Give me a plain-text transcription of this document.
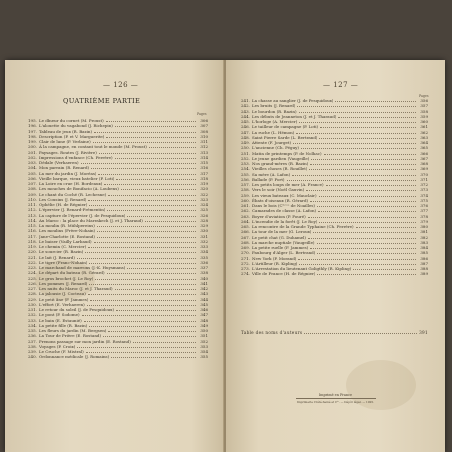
— 126 —
QUATRIÈME PARTIE
Pages
195. Le dîneur du cornet (M. Proust)	306
196. L'alouette du vagabond (J. Richepin)	307
197. Tableau de jeux (R. Bazin)	308
198. Description (P. et V. Marguerite)	310
199. Clair de lune (P. Verlaine)	311
200. À la campagne, en contant tout le monde (M. Proust)	312
201. Paysages. Routes (J. Rivière)	313
202. Impressions d'enfance (Ch. Ferrère)	314
203. Dédale (Verhaeren)	315
204. Mon parrain (R. Renard)	316
205. La mer du jardin (J. Moréas)	317
206. Vieille barque, vieux batelier (P. Loti)	318
207. La Loire en crue (H. Bordeaux)	319
208. Les mouches de Bonifacio (A. Loubens)	320
209. Le chant du Coché (R. Lechesne)	322
210. Les Cousins (J. Renard)	323
211. Ophélie (H. de Régnier)	324
212. L'épervier (J. Renard-Frémentin)	325
213. La capture de l'épervier (J. de Pesquidoux)	326
214. Au Maroc : la place du Marrakech (J. et J. Tharaud)	328
215. La moulin (R. Mühlpereins)	329
216. Les moulins (Frère-Nohain)	330
217. Jane-Charlotte (E. Rostand)	331
218. Le baiser (Vailly Larbaud)	332
219. Le chemin (C. Mercier)	333
220. Le sourcier (R. Bazin)	334
221. Le lait (J. Renard)	335
222. Le tigre (Franc-Nohain)	336
223. Le marchand de marrons (J.-K. Huysmans)	337
224. Le départ du bateau (R. Gérard)	338
225. Le gros brochet (J. Le Roy)	340
226. Les pommes (J. Renard)	341
227. Les nuits du Maroc (J. et J. Tharaud)	342
228. La jalousie (J. Cocteau)	343
229. Le petit âne (F. Jammes)	344
230. L'effort (E. Verhaeren)	345
231. Le retour du soleil (J. de Pesquidoux)	346
232. Le pont (P. Sodome)	347
233. Le bain (E. Estaunié)	348
234. La petite fille (R. Bazin)	349
235. Les fleurs du jardin (M. Bergsen)	350
236. La Tour de Prière (E. Rostand)	351
237. Prenons passage sur mon jardin (E. Rostand)	352
238. Voyages (P. Croix)	353
239. Le Cruche (F. Mistral)	354
240. Ordonnance médicale (J. Romains)	355
— 127 —
Pages
241. La chasse au sanglier (J. de Pesquidoux)	356
242. Les bruits (J. Renard)	357
243. Le bourdon (R. Bazin)	358
244. Les débuts de Jeanneton (J. et J. Tharaud)	359
245. L'horloge (A. Mercier)	360
246. Le tailleur de campagne (P. Loti)	361
247. La ruche (L. Hémon)	362
248. Saint Pierre Sarde (L. Bertrand)	363
249. Attente (F. Jourget)	364
250. L'ancienne (Ch. Péguy)	365
251. Matin de printemps (P. de Nolhac)	366
252. Le jeune gardien (Vaugeille)	367
253. Nos grand-mères (R. Bazin)	368
254. Vieilles choses (R. Rouillet)	369
255. Sa mère (A. Lafon)	370
256. Ballade (P. Fort)	371
257. Les petits loups de mer (A. France)	372
258. Vers le soir (Noël Gauvin)	373
259. Les vieux bateaux (C. Mauclair)	374
260. Ébats d'oiseaux (R. Gérard)	375
261. Dans le bois (Cᵗᵉˢˢᵉ de Noailles)	376
262. Camarades de classe (A. Lafon)	377
263. Boyer d'aviation (P. Fouré)	378
264. L'incendie de la forêt (J. Le Roy)	379
265. La rencontre de la Grande Typhaine (Ch. Ferrère)	380
266. La tour de la mer (G. Leroux)	381
267. Le petit chat (G. Duhamel)	382
268. La marche nuptiale (Vaugeille)	383
269. La petite ruelle (F. Jammes)	384
270. Faubourg d'Alger (L. Bertrand)	385
271. New York (P. Morand)	386
272. L'Artilleur (R. Kipling)	387
273. L'Arrestation du lieutenant Goligthly (R. Kipling)	388
274. Ville de France (H. de Régnier)	389
Table des noms d'auteurs	391
Imprimé en France
Imprimerie Crété-Semé et Cⁱᵉ. — Dépôt légal. — 1925.
